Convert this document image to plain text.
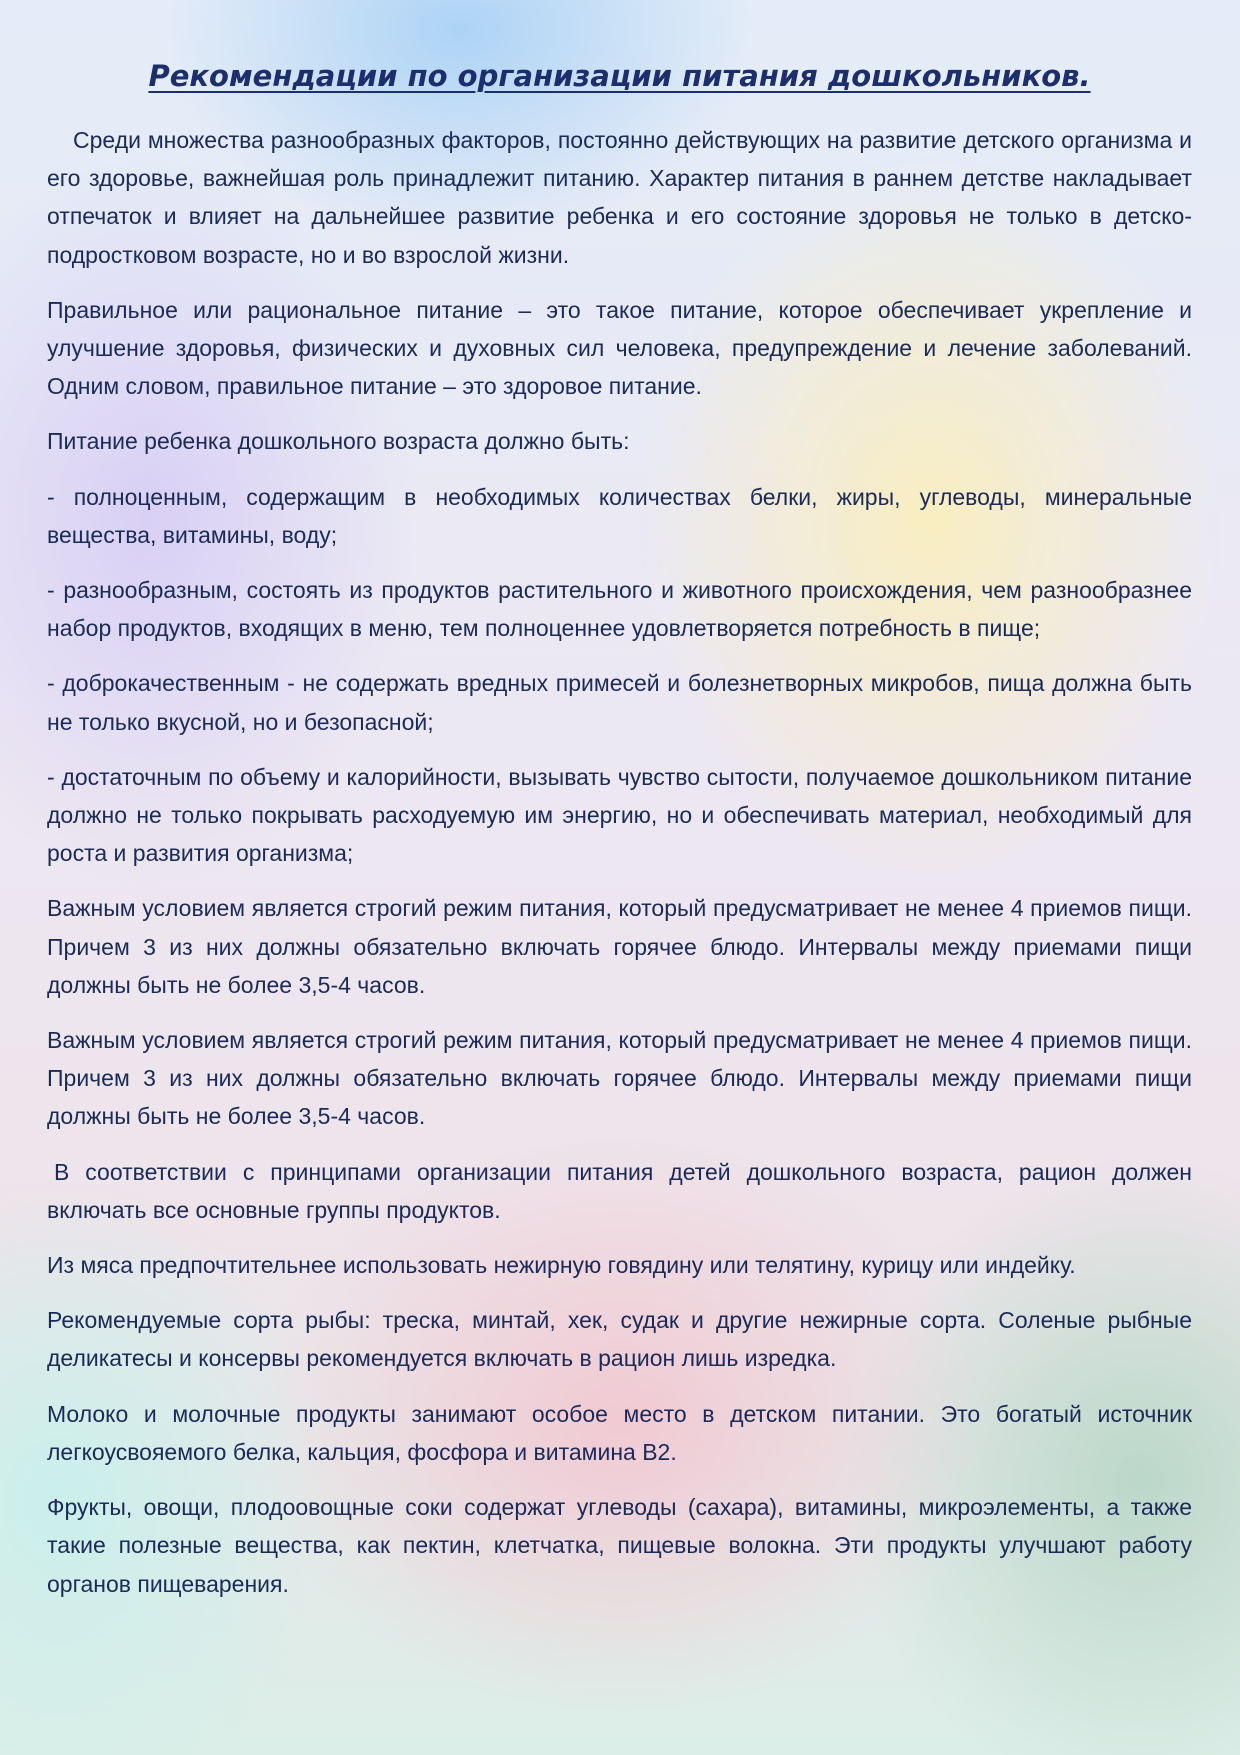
Рекомендации по организации питания дошкольников.

Среди множества разнообразных факторов, постоянно действующих на развитие детского организма и его здоровье, важнейшая роль принадлежит питанию. Характер питания в раннем детстве накладывает отпечаток и влияет на дальнейшее развитие ребенка и его состояние здоровья не только в детско-подростковом возрасте, но и во взрослой жизни.

Правильное или рациональное питание – это такое питание, которое обеспечивает укрепление и улучшение здоровья, физических и духовных сил человека, предупреждение и лечение заболеваний. Одним словом, правильное питание – это здоровое питание.

Питание ребенка дошкольного возраста должно быть:

- полноценным, содержащим в необходимых количествах белки, жиры, углеводы, минеральные вещества, витамины, воду;

- разнообразным, состоять из продуктов растительного и животного происхождения, чем разнообразнее набор продуктов, входящих в меню, тем полноценнее удовлетворяется потребность в пище;

- доброкачественным - не содержать вредных примесей и болезнетворных микробов, пища должна быть не только вкусной, но и безопасной;

- достаточным по объему и калорийности, вызывать чувство сытости, получаемое дошкольником питание должно не только покрывать расходуемую им энергию, но и обеспечивать материал, необходимый для роста и развития организма;

Важным условием является строгий режим питания, который предусматривает не менее 4 приемов пищи. Причем 3 из них должны обязательно включать горячее блюдо. Интервалы между приемами пищи должны быть не более 3,5-4 часов.

Важным условием является строгий режим питания, который предусматривает не менее 4 приемов пищи. Причем 3 из них должны обязательно включать горячее блюдо. Интервалы между приемами пищи должны быть не более 3,5-4 часов.

В соответствии с принципами организации питания детей дошкольного возраста, рацион должен включать все основные группы продуктов.

Из мяса предпочтительнее использовать нежирную говядину или телятину, курицу или индейку.

Рекомендуемые сорта рыбы: треска, минтай, хек, судак и другие нежирные сорта. Соленые рыбные деликатесы и консервы рекомендуется включать в рацион лишь изредка.

Молоко и молочные продукты занимают особое место в детском питании. Это богатый источник легкоусвояемого белка, кальция, фосфора и витамина В2.

Фрукты, овощи, плодоовощные соки содержат углеводы (сахара), витамины, микроэлементы, а также такие полезные вещества, как пектин, клетчатка, пищевые волокна. Эти продукты улучшают работу органов пищеварения.
